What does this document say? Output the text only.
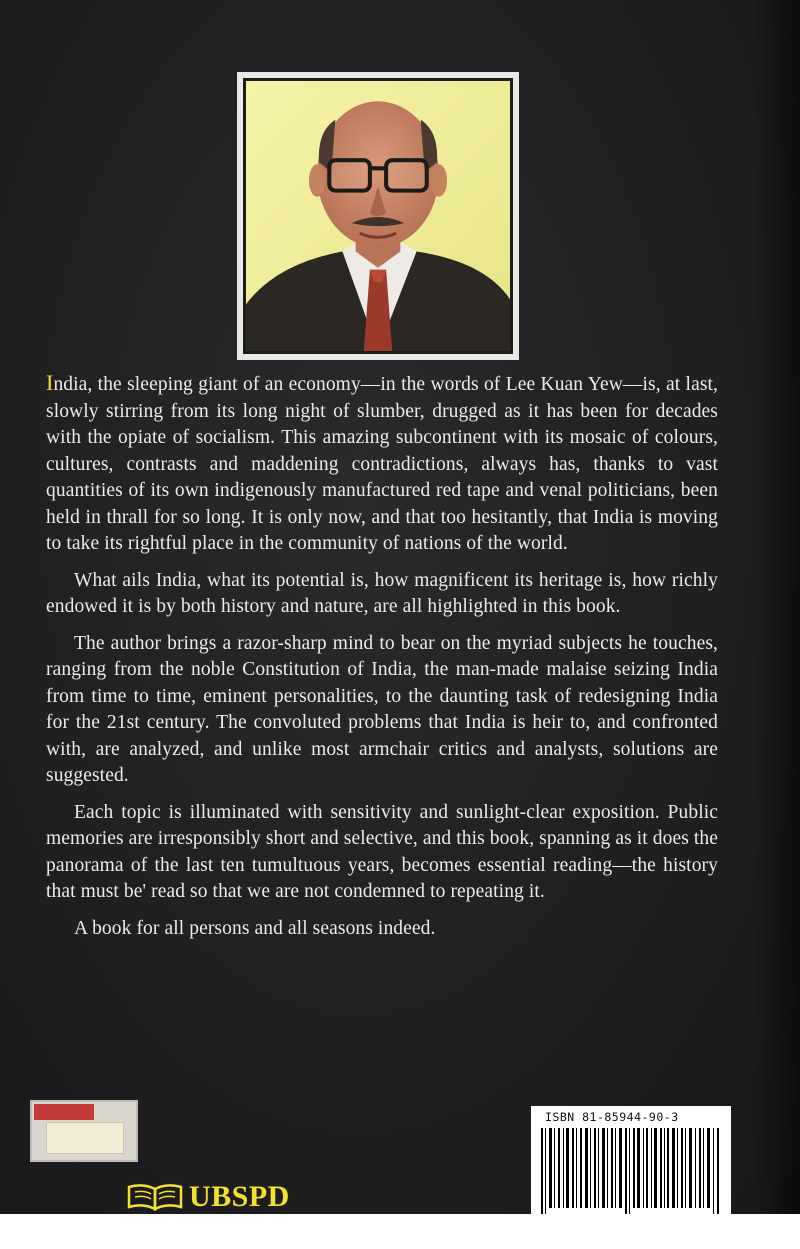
India, the sleeping giant of an economy—in the words of Lee Kuan Yew—is, at last, slowly stirring from its long night of slumber, drugged as it has been for decades with the opiate of socialism. This amazing subcontinent with its mosaic of colours, cultures, contrasts and maddening contradictions, always has, thanks to vast quantities of its own indigenously manufactured red tape and venal politicians, been held in thrall for so long. It is only now, and that too hesitantly, that India is moving to take its rightful place in the community of nations of the world.

What ails India, what its potential is, how magnificent its heritage is, how richly endowed it is by both history and nature, are all highlighted in this book.

The author brings a razor-sharp mind to bear on the myriad subjects he touches, ranging from the noble Constitution of India, the man-made malaise seizing India from time to time, eminent personalities, to the daunting task of redesigning India for the 21st century. The convoluted problems that India is heir to, and confronted with, are analyzed, and unlike most armchair critics and analysts, solutions are suggested.

Each topic is illuminated with sensitivity and sunlight-clear exposition. Public memories are irresponsibly short and selective, and this book, spanning as it does the panorama of the last ten tumultuous years, becomes essential reading—the history that must be' read so that we are not condemned to repeating it.

A book for all persons and all seasons indeed.

ISBN 81-85944-90-3
UBSPD
